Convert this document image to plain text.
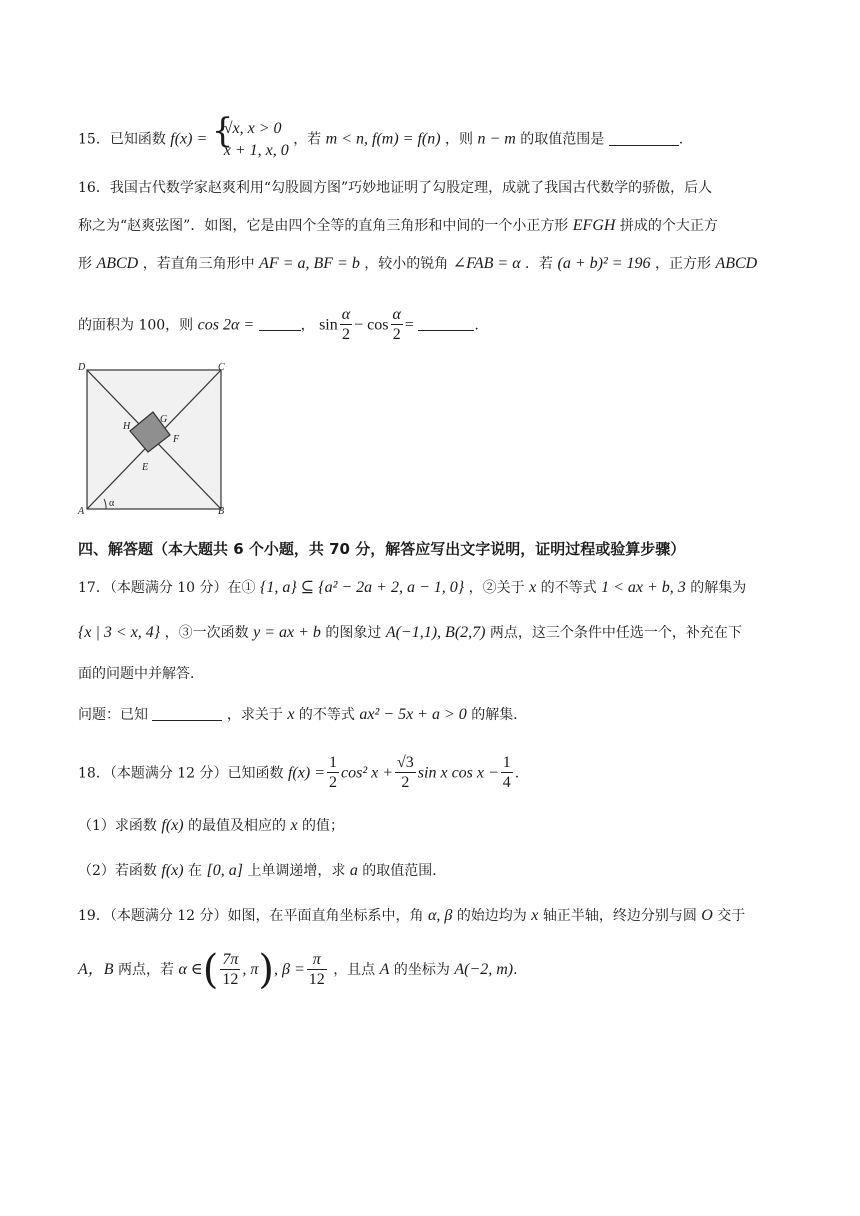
15．已知函数 f(x) = {
√x, x > 0
x + 1, x, 0
，若 m < n, f(m) = f(n) ，则 n − m 的取值范围是	.
16．我国古代数学家赵爽利用“勾股圆方图”巧妙地证明了勾股定理，成就了我国古代数学的骄傲，后人
称之为“赵爽弦图”．如图，它是由四个全等的直角三角形和中间的一个小正方形 EFGH 拼成的个大正方
形 ABCD ，若直角三角形中 AF = a, BF = b ，较小的锐角 ∠FAB = α ．若 (a + b)² = 196 ，正方形 ABCD
的面积为 100，则 cos 2α =	， $\sin \frac{\alpha}{2} - \cos \frac{\alpha}{2}$ =	.
D	C
A	B
G
F
H
E
α
四、解答题（本大题共 6 个小题，共 70 分，解答应写出文字说明，证明过程或验算步骤）
17．（本题满分 10 分）在① {1, a} ⊆ {a² − 2a + 2, a − 1, 0} ，②关于 x 的不等式 1 < ax + b, 3 的解集为
{x | 3 < x, 4} ，③一次函数 y = ax + b 的图象过 A(−1,1), B(2,7) 两点，这三个条件中任选一个，补充在下
面的问题中并解答．
问题：已知	，求关于 x 的不等式 ax² − 5x + a > 0 的解集．
18．（本题满分 12 分）已知函数 $f(x) = \frac{1}{2} \cos^2$ $x + \frac{√3}{2}$ sin x $\cos x - \frac{1}{4}$ .
（1）求函数 f(x) 的最值及相应的 x 的值；
（2）若函数 f(x) 在 [0, a] 上单调递增，求 a 的取值范围．
19．（本题满分 12 分）如图，在平面直角坐标系中，角 α, β 的始边均为 x 轴正半轴，终边分别与圆 O 交于
A，B 两点，若 α ∈( $\frac{7\pi}{12}$ , π), $\beta = \frac{\pi}{12}$ ，且点 A 的坐标为 A(−2, m).
